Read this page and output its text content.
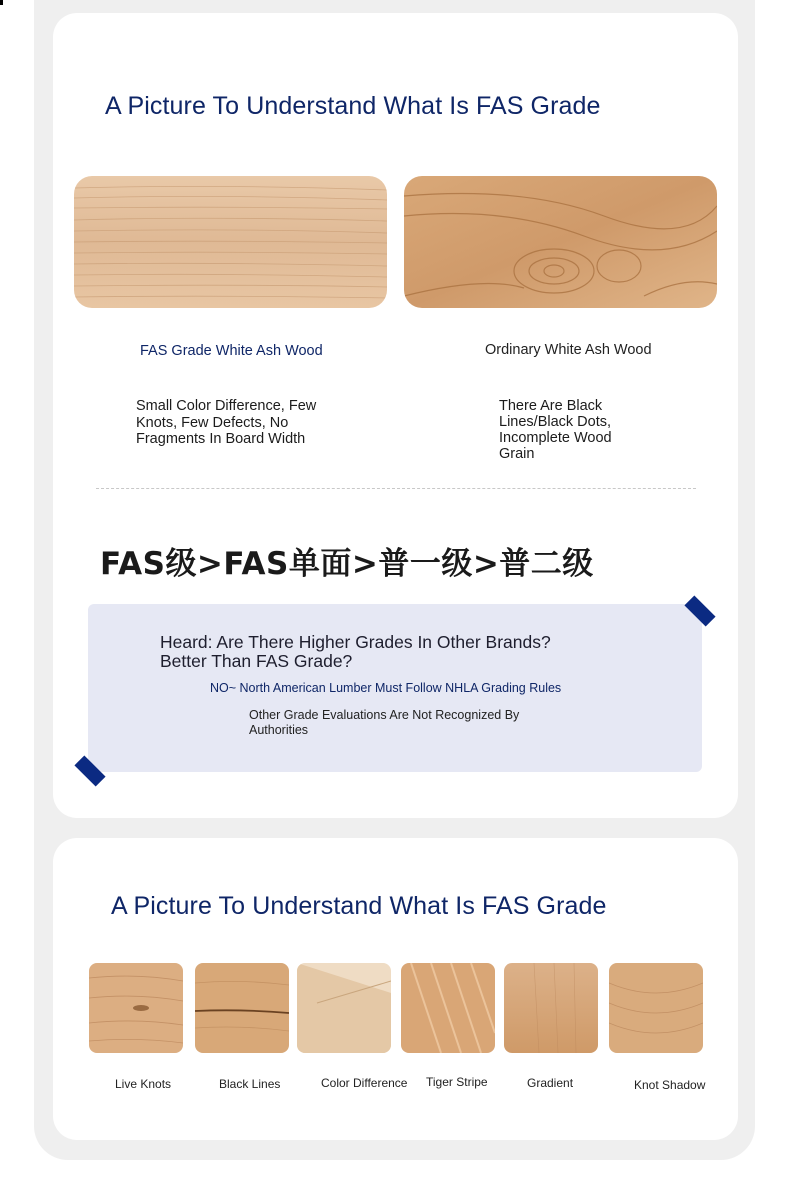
A Picture To Understand What Is FAS Grade
FAS Grade White Ash Wood	Ordinary White Ash Wood
Small Color Difference, Few Knots, Few Defects, No Fragments In Board Width
There Are Black Lines/Black Dots, Incomplete Wood Grain
FAS级>FAS单面>普一级>普二级
Heard: Are There Higher Grades In Other Brands? Better Than FAS Grade?
NO~ North American Lumber Must Follow NHLA Grading Rules
Other Grade Evaluations Are Not Recognized By Authorities
A Picture To Understand What Is FAS Grade
Live Knots	Black Lines	Color Difference Tiger Stripe	Gradient	Knot Shadow
